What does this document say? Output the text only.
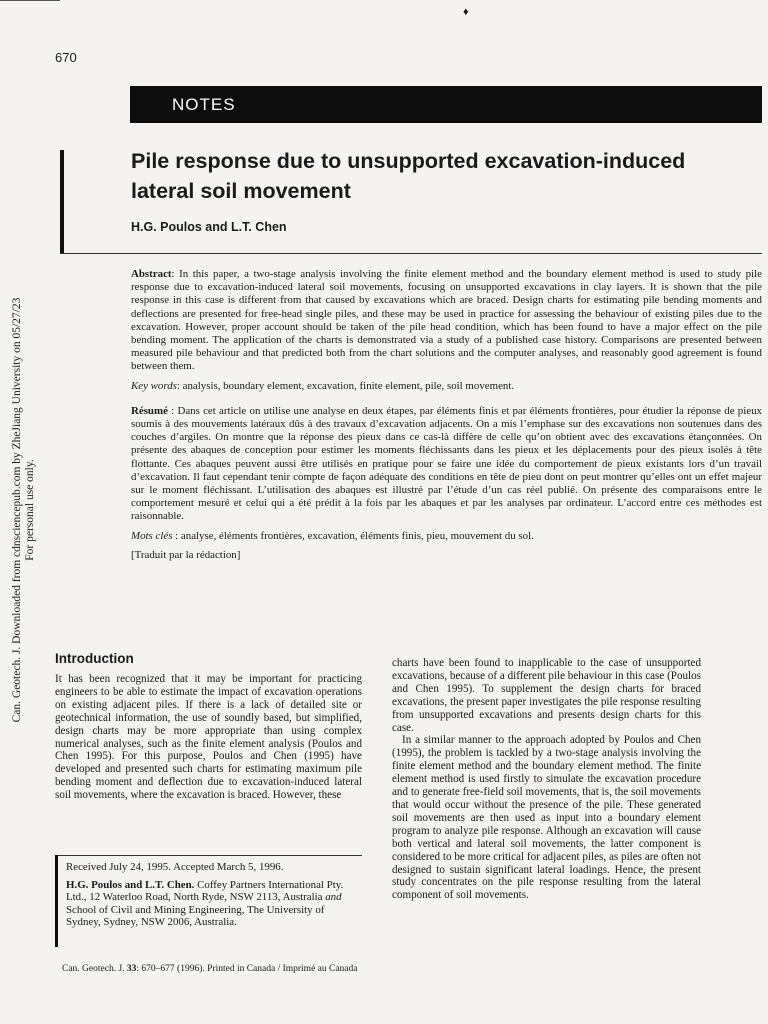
♦
670
NOTES
Pile response due to unsupported excavation-induced lateral soil movement
H.G. Poulos and L.T. Chen
Can. Geotech. J. Downloaded from cdnsciencepub.com by ZheJiang University on 05/27/23 For personal use only.

Abstract: In this paper, a two-stage analysis involving the finite element method and the boundary element method is used to study pile response due to excavation-induced lateral soil movements, focusing on unsupported excavations in clay layers. It is shown that the pile response in this case is different from that caused by excavations which are braced. Design charts for estimating pile bending moments and deflections are presented for free-head single piles, and these may be used in practice for assessing the behaviour of existing piles due to the excavation. However, proper account should be taken of the pile head condition, which has been found to have a major effect on the pile bending moment. The application of the charts is demonstrated via a study of a published case history. Comparisons are presented between measured pile behaviour and that predicted both from the chart solutions and the computer analyses, and reasonably good agreement is found between them.

Key words: analysis, boundary element, excavation, finite element, pile, soil movement.

Résumé : Dans cet article on utilise une analyse en deux étapes, par éléments finis et par éléments frontières, pour étudier la réponse de pieux soumis à des mouvements latéraux dûs à des travaux d’excavation adjacents. On a mis l’emphase sur des excavations non soutenues dans des couches d’argiles. On montre que la réponse des pieux dans ce cas-là diffère de celle qu’on obtient avec des excavations étançonnées. On présente des abaques de conception pour estimer les moments fléchissants dans les pieux et les déplacements pour des pieux isolés à tête flottante. Ces abaques peuvent aussi être utilisés en pratique pour se faire une idée du comportement de pieux existants lors d’un travail d’excavation. Il faut cependant tenir compte de façon adéquate des conditions en tête de pieu dont on peut montrer qu’elles ont un effet majeur sur le moment fléchissant. L’utilisation des abaques est illustré par l’étude d’un cas réel publié. On présente des comparaisons entre le comportement mesuré et celui qui a été prédit à la fois par les abaques et par les analyses par ordinateur. L’accord entre ces méthodes est raisonnable.

Mots clés : analyse, éléments frontières, excavation, éléments finis, pieu, mouvement du sol.

[Traduit par la rédaction]

Introduction

It has been recognized that it may be important for practicing engineers to be able to estimate the impact of excavation operations on existing adjacent piles. If there is a lack of detailed site or geotechnical information, the use of soundly based, but simplified, design charts may be more appropriate than using complex numerical analyses, such as the finite element analysis (Poulos and Chen 1995). For this purpose, Poulos and Chen (1995) have developed and presented such charts for estimating maximum pile bending moment and deflection due to excavation-induced lateral soil movements, where the excavation is braced. However, these

charts have been found to inapplicable to the case of unsupported excavations, because of a different pile behaviour in this case (Poulos and Chen 1995). To supplement the design charts for braced excavations, the present paper investigates the pile response resulting from unsupported excavations and presents design charts for this case.

In a similar manner to the approach adopted by Poulos and Chen (1995), the problem is tackled by a two-stage analysis involving the finite element method and the boundary element method. The finite element method is used firstly to simulate the excavation procedure and to generate free-field soil movements, that is, the soil movements that would occur without the presence of the pile. These generated soil movements are then used as input into a boundary element program to analyze pile response. Although an excavation will cause both vertical and lateral soil movements, the latter component is considered to be more critical for adjacent piles, as piles are often not designed to sustain significant lateral loadings. Hence, the present study concentrates on the pile response resulting from the lateral component of soil movements.

Received July 24, 1995. Accepted March 5, 1996.

H.G. Poulos and L.T. Chen. Coffey Partners International Pty. Ltd., 12 Waterloo Road, North Ryde, NSW 2113, Australia and School of Civil and Mining Engineering, The University of Sydney, Sydney, NSW 2006, Australia.

Can. Geotech. J. 33: 670–677 (1996). Printed in Canada / Imprimé au Canada
